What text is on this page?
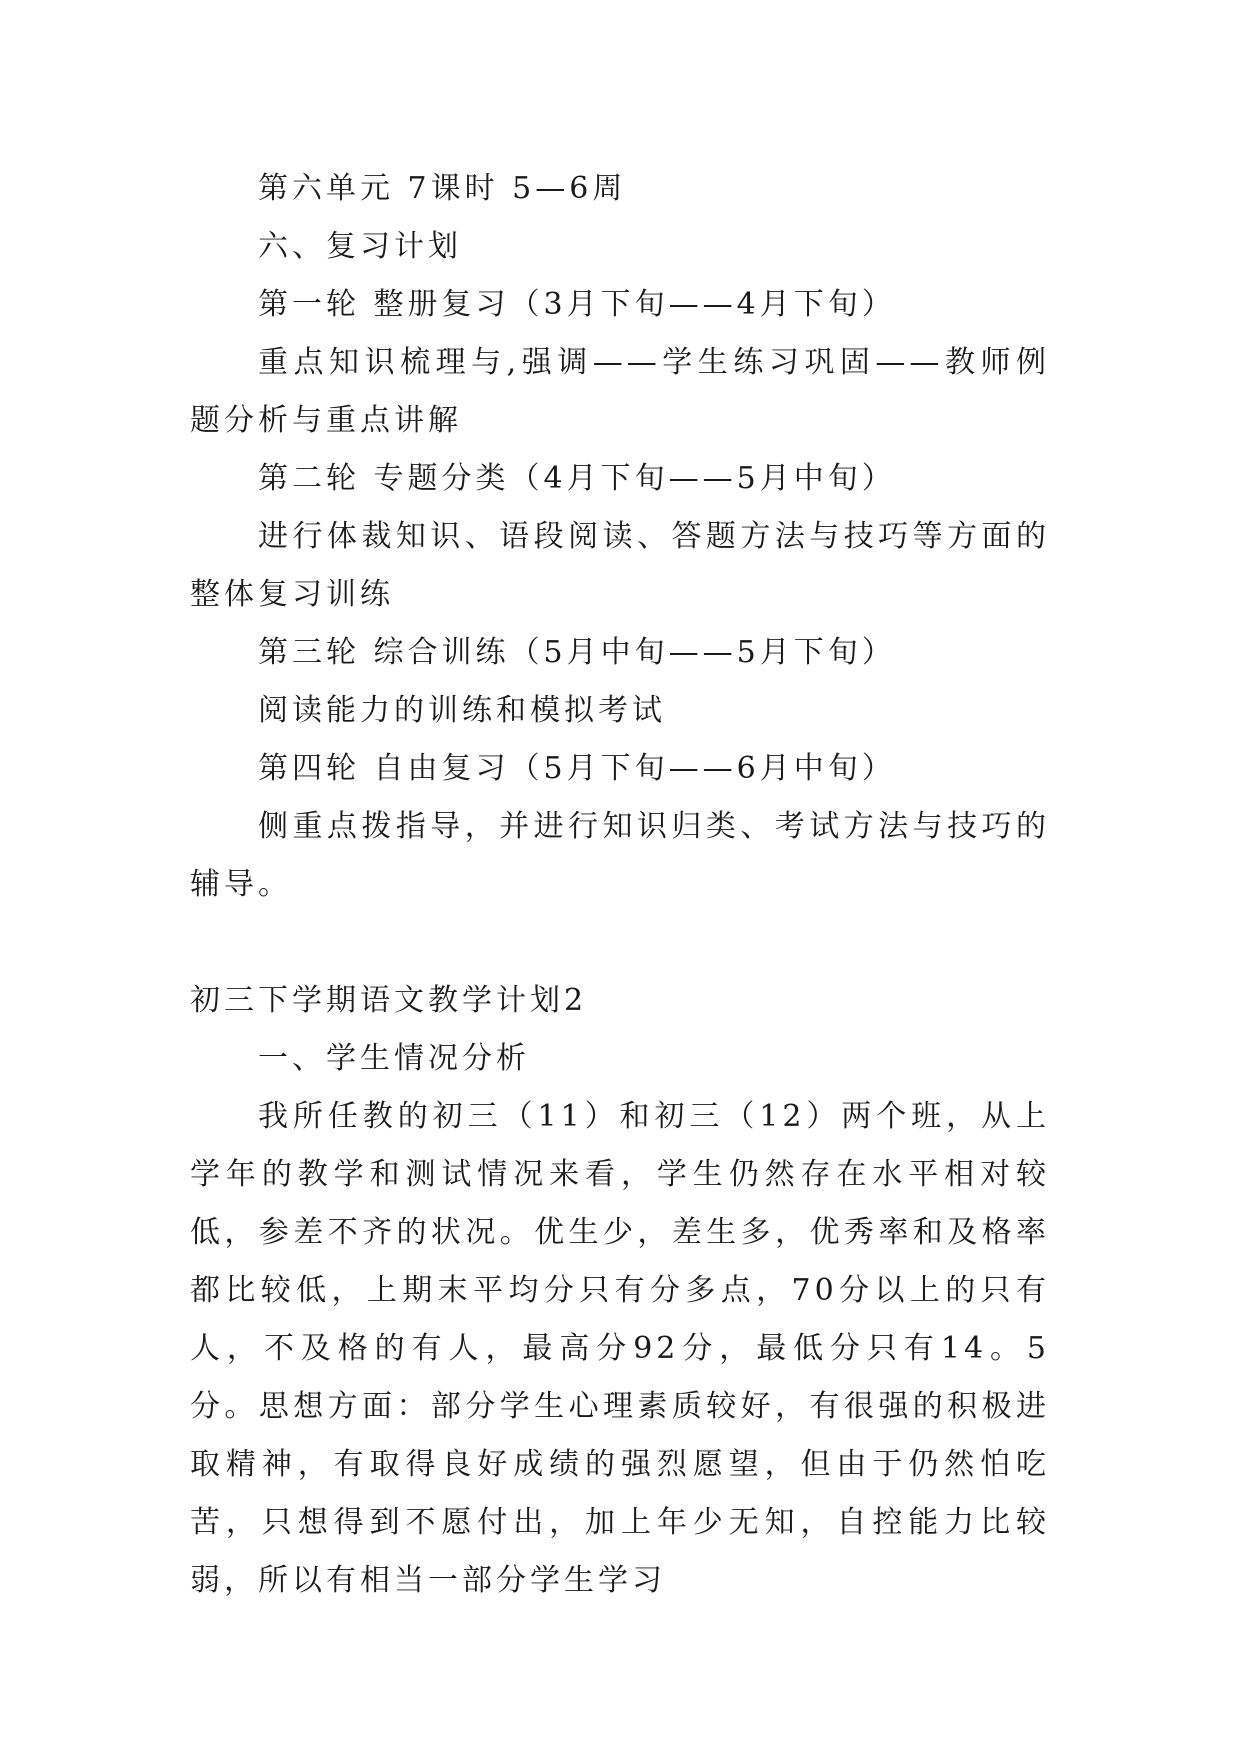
第六单元 7课时 5—6周

六、复习计划

第一轮 整册复习（3月下旬——4月下旬）

重点知识梳理与,强调——学生练习巩固——教师例题分析与重点讲解

第二轮 专题分类（4月下旬——5月中旬）

进行体裁知识、语段阅读、答题方法与技巧等方面的整体复习训练

第三轮 综合训练（5月中旬——5月下旬）

阅读能力的训练和模拟考试

第四轮 自由复习（5月下旬——6月中旬）

侧重点拨指导，并进行知识归类、考试方法与技巧的辅导。

初三下学期语文教学计划2

一、学生情况分析

我所任教的初三（11）和初三（12）两个班，从上学年的教学和测试情况来看，学生仍然存在水平相对较低，参差不齐的状况。优生少，差生多，优秀率和及格率都比较低，上期末平均分只有分多点，70分以上的只有人，不及格的有人，最高分92分，最低分只有14。5分。思想方面：部分学生心理素质较好，有很强的积极进取精神，有取得良好成绩的强烈愿望，但由于仍然怕吃苦，只想得到不愿付出，加上年少无知，自控能力比较弱，所以有相当一部分学生学习
